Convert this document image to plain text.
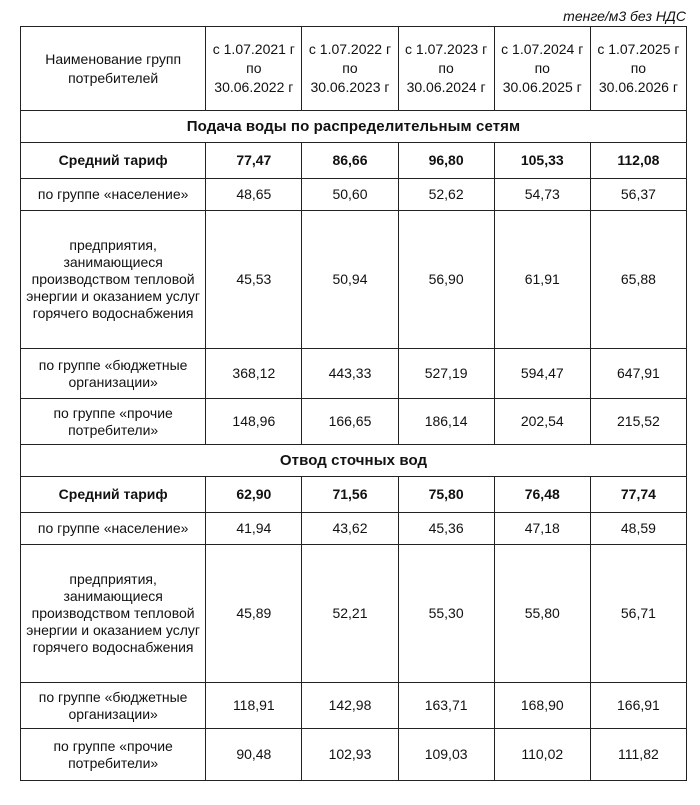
тенге/м3 без НДС
Наименование групп потребителей	с 1.07.2021 г по 30.06.2022 г	с 1.07.2022 г по 30.06.2023 г	с 1.07.2023 г по 30.06.2024 г	с 1.07.2024 г по 30.06.2025 г	с 1.07.2025 г по 30.06.2026 г
Подача воды по распределительным сетям					
Средний тариф	77,47	86,66	96,80	105,33	112,08
по группе «население»	48,65	50,60	52,62	54,73	56,37
предприятия, занимающиеся производством тепловой энергии и оказанием услуг горячего водоснабжения	45,53	50,94	56,90	61,91	65,88
по группе «бюджетные организации»	368,12	443,33	527,19	594,47	647,91
по группе «прочие потребители»	148,96	166,65	186,14	202,54	215,52
Отвод сточных вод					
Средний тариф	62,90	71,56	75,80	76,48	77,74
по группе «население»	41,94	43,62	45,36	47,18	48,59
предприятия, занимающиеся производством тепловой энергии и оказанием услуг горячего водоснабжения	45,89	52,21	55,30	55,80	56,71
по группе «бюджетные организации»	118,91	142,98	163,71	168,90	166,91
по группе «прочие потребители»	90,48	102,93	109,03	110,02	111,82
